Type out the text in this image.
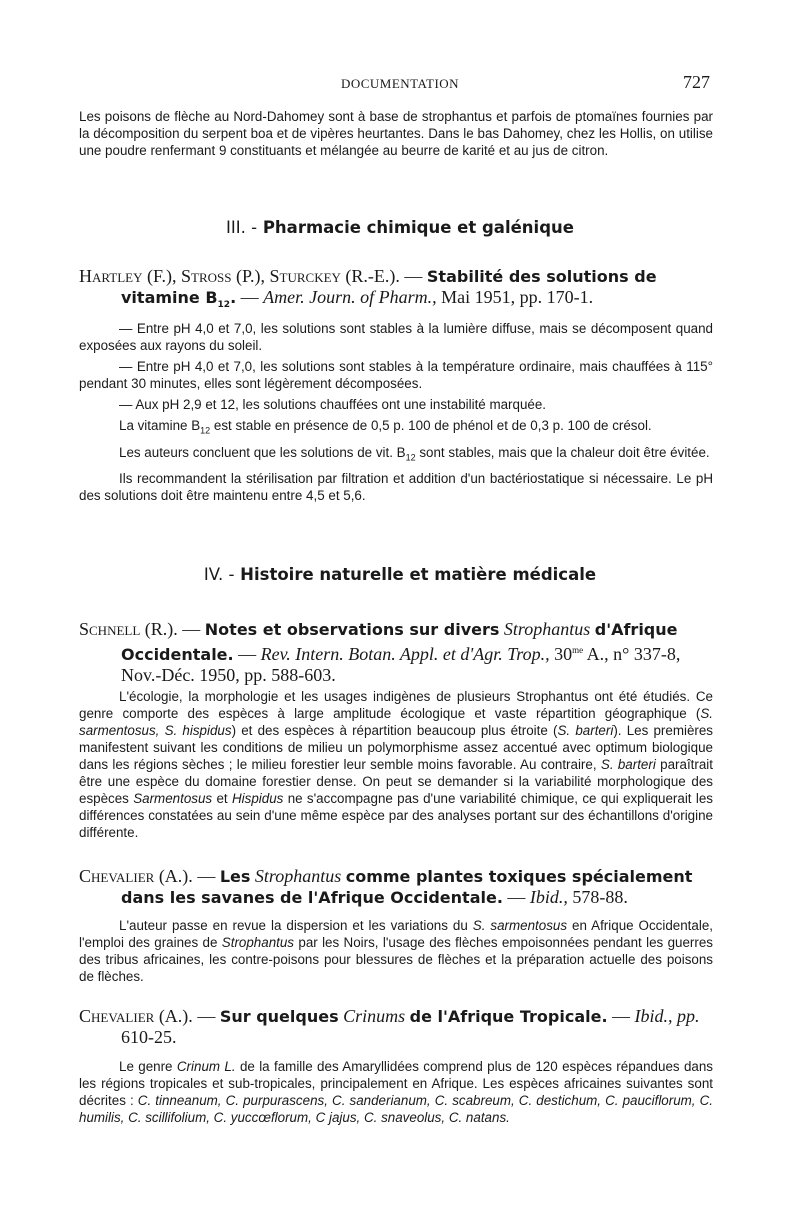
DOCUMENTATION	727

Les poisons de flèche au Nord-Dahomey sont à base de strophantus et parfois de ptomaïnes fournies par la décomposition du serpent boa et de vipères heurtantes. Dans le bas Dahomey, chez les Hollis, on utilise une poudre renfermant 9 constituants et mélangée au beurre de karité et au jus de citron.

III. - Pharmacie chimique et galénique
Hartley (F.), Stross (P.), Sturckey (R.-E.). — Stabilité des solutions de vitamine $B_{12}$. — Amer. Journ. of Pharm., Mai 1951, pp. 170-1.

— Entre pH 4,0 et 7,0, les solutions sont stables à la lumière diffuse, mais se décomposent quand exposées aux rayons du soleil.

— Entre pH 4,0 et 7,0, les solutions sont stables à la température ordinaire, mais chauffées à 115° pendant 30 minutes, elles sont légèrement décomposées.

— Aux pH 2,9 et 12, les solutions chauffées ont une instabilité marquée.

La vitamine $B_{12}$ est stable en présence de 0,5 p. 100 de phénol et de 0,3 p. 100 de crésol.

Les auteurs concluent que les solutions de vit. $B_{12}$ sont stables, mais que la chaleur doit être évitée.

Ils recommandent la stérilisation par filtration et addition d'un bactériostatique si nécessaire. Le pH des solutions doit être maintenu entre 4,5 et 5,6.

IV. - Histoire naturelle et matière médicale
Schnell (R.). — Notes et observations sur divers Strophantus d'Afrique Occidentale. — Rev. Intern. Botan. Appl. et d'Agr. Trop., $30^{me}$ A., n° 337-8, Nov.-Déc. 1950, pp. 588-603.

L'écologie, la morphologie et les usages indigènes de plusieurs Strophantus ont été étudiés. Ce genre comporte des espèces à large amplitude écologique et vaste répartition géographique (S. sarmentosus, S. hispidus) et des espèces à répartition beaucoup plus étroite (S. barteri). Les premières manifestent suivant les conditions de milieu un polymorphisme assez accentué avec optimum biologique dans les régions sèches ; le milieu forestier leur semble moins favorable. Au contraire, S. barteri paraîtrait être une espèce du domaine forestier dense. On peut se demander si la variabilité morphologique des espèces Sarmentosus et Hispidus ne s'accompagne pas d'une variabilité chimique, ce qui expliquerait les différences constatées au sein d'une même espèce par des analyses portant sur des échantillons d'origine différente.

Chevalier (A.). — Les Strophantus comme plantes toxiques spécialement dans les savanes de l'Afrique Occidentale. — Ibid., 578-88.

L'auteur passe en revue la dispersion et les variations du S. sarmentosus en Afrique Occidentale, l'emploi des graines de Strophantus par les Noirs, l'usage des flèches empoisonnées pendant les guerres des tribus africaines, les contre-poisons pour blessures de flèches et la préparation actuelle des poisons de flèches.

Chevalier (A.). — Sur quelques Crinums de l'Afrique Tropicale. — Ibid., pp. 610-25.

Le genre Crinum L. de la famille des Amaryllidées comprend plus de 120 espèces répandues dans les régions tropicales et sub-tropicales, principalement en Afrique. Les espèces africaines suivantes sont décrites : C. tinneanum, C. purpurascens, C. sanderianum, C. scabreum, C. destichum, C. pauciflorum, C. humilis, C. scillifolium, C. yuccœflorum, C jajus, C. snaveolus, C. natans.
